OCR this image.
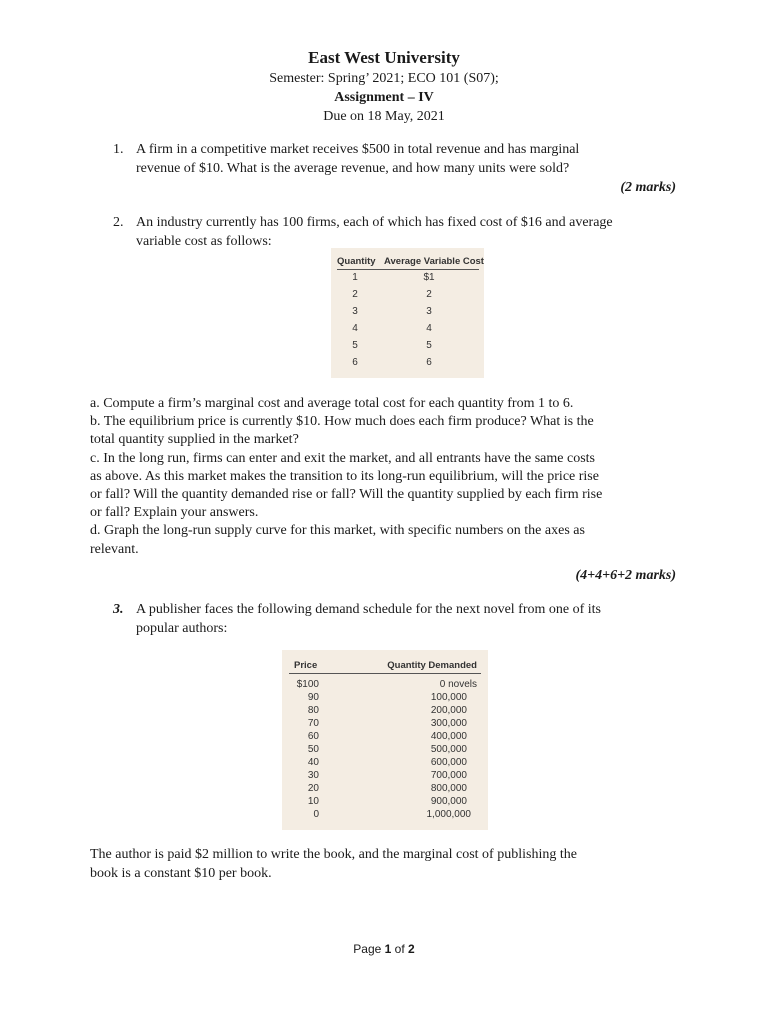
East West University
Semester: Spring’ 2021; ECO 101 (S07);
Assignment – IV
Due on 18 May, 2021
1. A firm in a competitive market receives $500 in total revenue and has marginal
revenue of $10. What is the average revenue, and how many units were sold?
(2 marks)
2. An industry currently has 100 firms, each of which has fixed cost of $16 and average
variable cost as follows:
Quantity Average Variable Cost
1	$1
2	2
3	3
4	4
5	5
6	6

a. Compute a firm’s marginal cost and average total cost for each quantity from 1 to 6.

b. The equilibrium price is currently $10. How much does each firm produce? What is the

total quantity supplied in the market?

c. In the long run, firms can enter and exit the market, and all entrants have the same costs

as above. As this market makes the transition to its long-run equilibrium, will the price rise

or fall? Will the quantity demanded rise or fall? Will the quantity supplied by each firm rise

or fall? Explain your answers.

d. Graph the long-run supply curve for this market, with specific numbers on the axes as

relevant.

(4+4+6+2 marks)
3. A publisher faces the following demand schedule for the next novel from one of its
popular authors:
Price	Quantity Demanded
$100	0 novels
90	100,000
80	200,000
70	300,000
60	400,000
50	500,000
40	600,000
30	700,000
20	800,000
10	900,000
0	1,000,000
The author is paid $2 million to write the book, and the marginal cost of publishing the
book is a constant $10 per book.
Page 1 of 2
